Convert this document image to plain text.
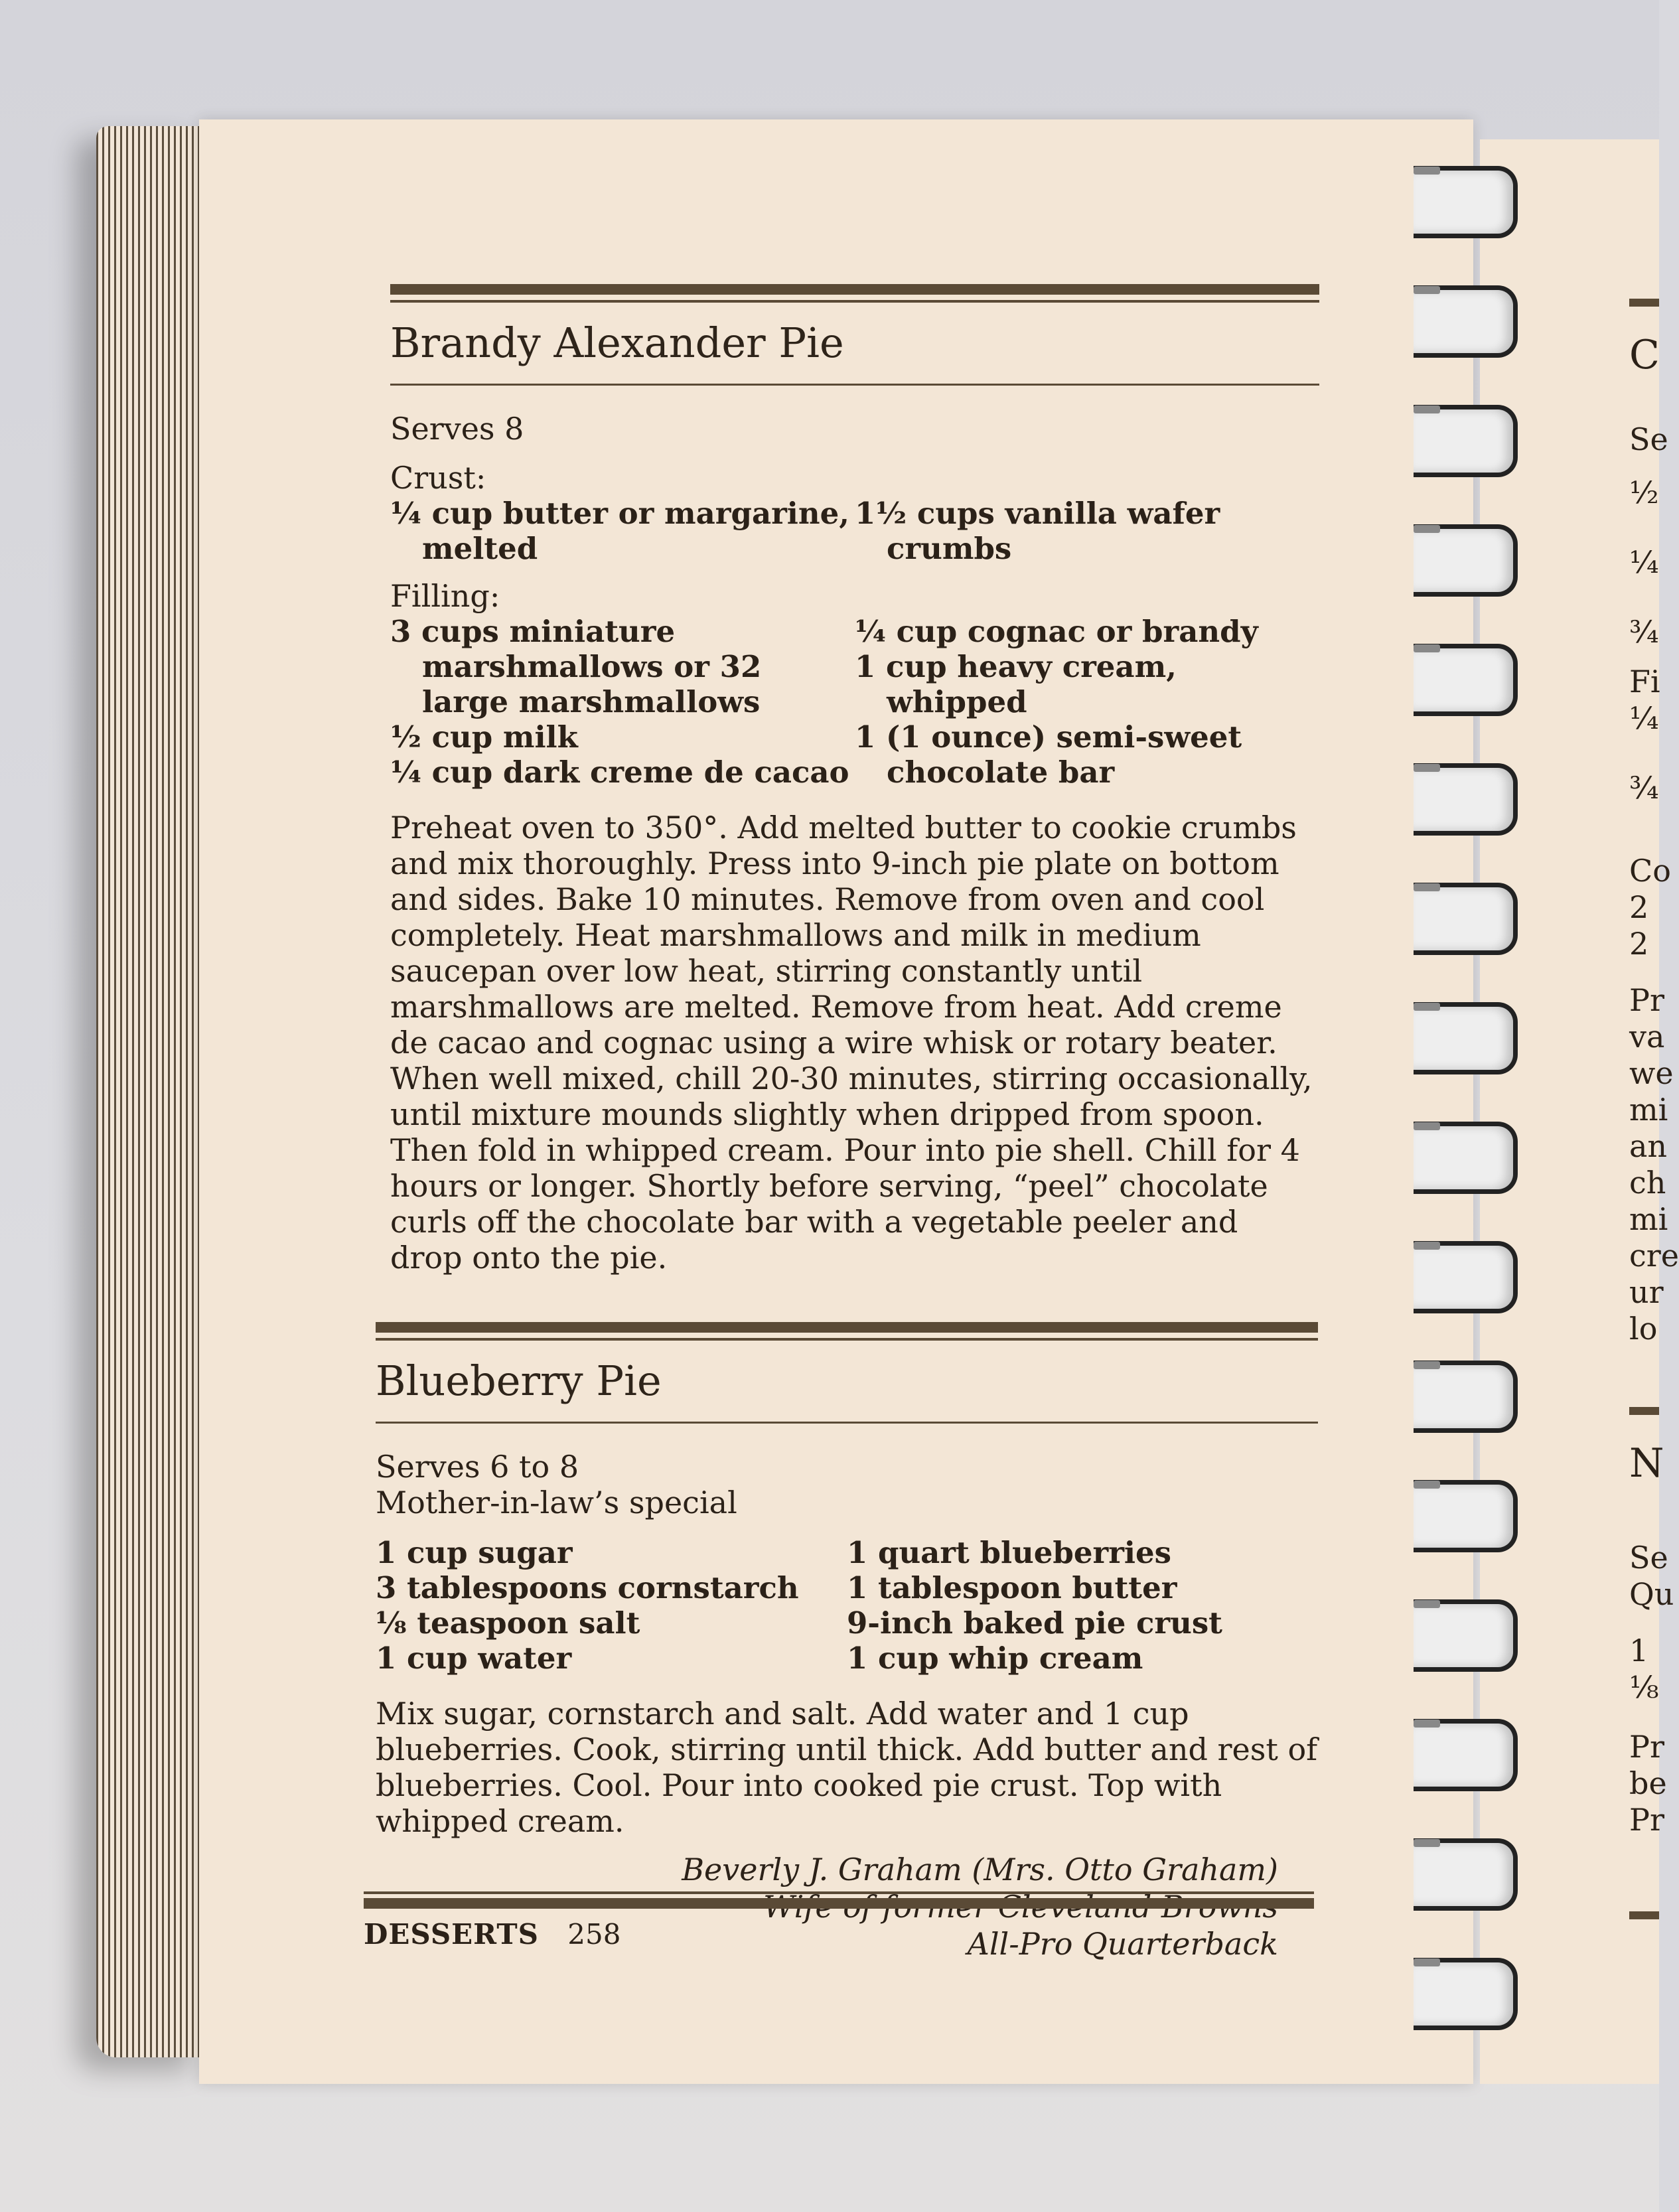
Brandy Alexander Pie
Serves 8
Crust:
¼ cup butter or margarine, melted
1½ cups vanilla wafer crumbs
Filling:
3 cups miniature marshmallows or 32 large marshmallows
½ cup milk
¼ cup dark creme de cacao
¼ cup cognac or brandy
1 cup heavy cream, whipped
1 (1 ounce) semi-sweet chocolate bar
Preheat oven to 350°. Add melted butter to cookie crumbs and mix thoroughly. Press into 9-inch pie plate on bottom and sides. Bake 10 minutes. Remove from oven and cool completely. Heat marshmallows and milk in medium saucepan over low heat, stirring constantly until marshmallows are melted. Remove from heat. Add creme de cacao and cognac using a wire whisk or rotary beater. When well mixed, chill 20-30 minutes, stirring occasionally, until mixture mounds slightly when dripped from spoon. Then fold in whipped cream. Pour into pie shell. Chill for 4 hours or longer. Shortly before serving, “peel” chocolate curls off the chocolate bar with a vegetable peeler and drop onto the pie.
Blueberry Pie
Serves 6 to 8
Mother-in-law’s special
1 cup sugar
3 tablespoons cornstarch
⅛ teaspoon salt
1 cup water
1 quart blueberries
1 tablespoon butter
9-inch baked pie crust
1 cup whip cream
Mix sugar, cornstarch and salt. Add water and 1 cup blueberries. Cook, stirring until thick. Add butter and rest of blueberries. Cool. Pour into cooked pie crust. Top with whipped cream.
Beverly J. Graham (Mrs. Otto Graham)
All-Pro Quarterback
DESSERTS 258
C
Se
½
¼
¾
Fi
¼
¾
Co
2
2
Pr
va
we
mi
an
ch
mi
cre
ur
lo
N
Se
Qu
1
⅛
Pr
be
Pr
